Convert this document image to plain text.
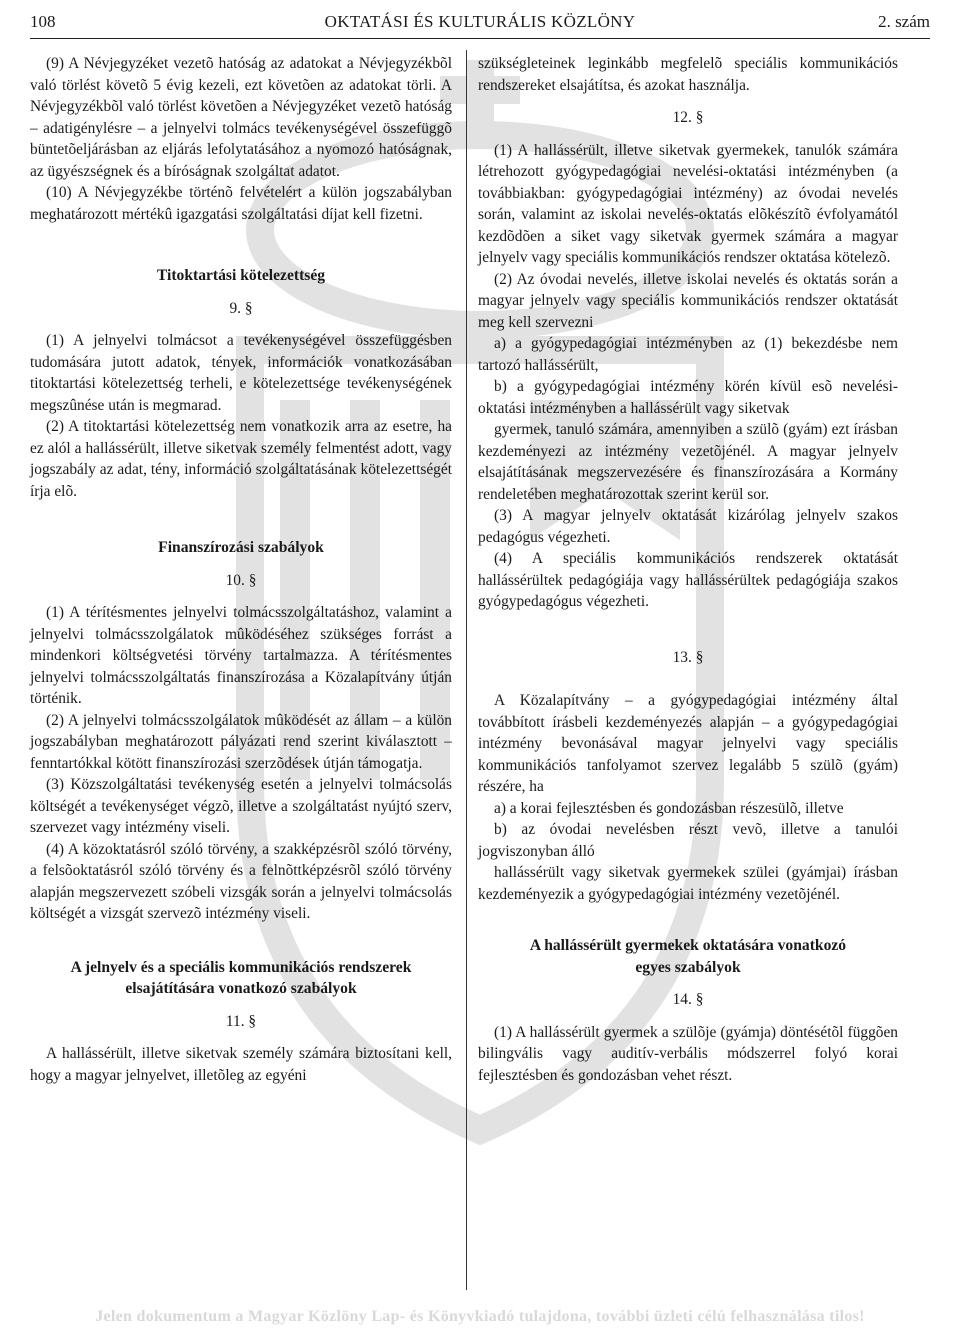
108	OKTATÁSI ÉS KULTURÁLIS KÖZLÖNY	2. szám

(9) A Névjegyzéket vezetõ hatóság az adatokat a Névjegyzékbõl való törlést követõ 5 évig kezeli, ezt követõen az adatokat törli. A Névjegyzékbõl való törlést követõen a Névjegyzéket vezetõ hatóság – adatigénylésre – a jelnyelvi tolmács tevékenységével összefüggõ büntetõeljárásban az eljárás lefolytatásához a nyomozó hatóságnak, az ügyészségnek és a bíróságnak szolgáltat adatot.

(10) A Névjegyzékbe történõ felvételért a külön jogszabályban meghatározott mértékû igazgatási szolgáltatási díjat kell fizetni.

Titoktartási kötelezettség

9. §

(1) A jelnyelvi tolmácsot a tevékenységével összefüggésben tudomására jutott adatok, tények, információk vonatkozásában titoktartási kötelezettség terheli, e kötelezettsége tevékenységének megszûnése után is megmarad.

(2) A titoktartási kötelezettség nem vonatkozik arra az esetre, ha ez alól a hallássérült, illetve siketvak személy felmentést adott, vagy jogszabály az adat, tény, információ szolgáltatásának kötelezettségét írja elõ.

Finanszírozási szabályok

10. §

(1) A térítésmentes jelnyelvi tolmácsszolgáltatáshoz, valamint a jelnyelvi tolmácsszolgálatok mûködéséhez szükséges forrást a mindenkori költségvetési törvény tartalmazza. A térítésmentes jelnyelvi tolmácsszolgáltatás finanszírozása a Közalapítvány útján történik.

(2) A jelnyelvi tolmácsszolgálatok mûködését az állam – a külön jogszabályban meghatározott pályázati rend szerint kiválasztott – fenntartókkal kötött finanszírozási szerzõdések útján támogatja.

(3) Közszolgáltatási tevékenység esetén a jelnyelvi tolmácsolás költségét a tevékenységet végzõ, illetve a szolgáltatást nyújtó szerv, szervezet vagy intézmény viseli.

(4) A közoktatásról szóló törvény, a szakképzésrõl szóló törvény, a felsõoktatásról szóló törvény és a felnõttképzésrõl szóló törvény alapján megszervezett szóbeli vizsgák során a jelnyelvi tolmácsolás költségét a vizsgát szervezõ intézmény viseli.

A jelnyelv és a speciális kommunikációs rendszerek
elsajátítására vonatkozó szabályok

11. §

A hallássérült, illetve siketvak személy számára biztosítani kell, hogy a magyar jelnyelvet, illetõleg az egyéni

szükségleteinek leginkább megfelelõ speciális kommunikációs rendszereket elsajátítsa, és azokat használja.

12. §

(1) A hallássérült, illetve siketvak gyermekek, tanulók számára létrehozott gyógypedagógiai nevelési-oktatási intézményben (a továbbiakban: gyógypedagógiai intézmény) az óvodai nevelés során, valamint az iskolai nevelés-oktatás elõkészítõ évfolyamától kezdõdõen a siket vagy siketvak gyermek számára a magyar jelnyelv vagy speciális kommunikációs rendszer oktatása kötelezõ.

(2) Az óvodai nevelés, illetve iskolai nevelés és oktatás során a magyar jelnyelv vagy speciális kommunikációs rendszer oktatását meg kell szervezni

a) a gyógypedagógiai intézményben az (1) bekezdésbe nem tartozó hallássérült,

b) a gyógypedagógiai intézmény körén kívül esõ nevelési-oktatási intézményben a hallássérült vagy siketvak

gyermek, tanuló számára, amennyiben a szülõ (gyám) ezt írásban kezdeményezi az intézmény vezetõjénél. A magyar jelnyelv elsajátításának megszervezésére és finanszírozására a Kormány rendeletében meghatározottak szerint kerül sor.

(3) A magyar jelnyelv oktatását kizárólag jelnyelv szakos pedagógus végezheti.

(4) A speciális kommunikációs rendszerek oktatását hallássérültek pedagógiája vagy hallássérültek pedagógiája szakos gyógypedagógus végezheti.

13. §

A Közalapítvány – a gyógypedagógiai intézmény által továbbított írásbeli kezdeményezés alapján – a gyógypedagógiai intézmény bevonásával magyar jelnyelvi vagy speciális kommunikációs tanfolyamot szervez legalább 5 szülõ (gyám) részére, ha

a) a korai fejlesztésben és gondozásban részesülõ, illetve

b) az óvodai nevelésben részt vevõ, illetve a tanulói jogviszonyban álló

hallássérült vagy siketvak gyermekek szülei (gyámjai) írásban kezdeményezik a gyógypedagógiai intézmény vezetõjénél.

A hallássérült gyermekek oktatására vonatkozó
egyes szabályok

14. §

(1) A hallássérült gyermek a szülõje (gyámja) döntésétõl függõen bilingvális vagy auditív-verbális módszerrel folyó korai fejlesztésben és gondozásban vehet részt.

Jelen dokumentum a Magyar Közlöny Lap- és Könyvkiadó tulajdona, további üzleti célú felhasználása tilos!
